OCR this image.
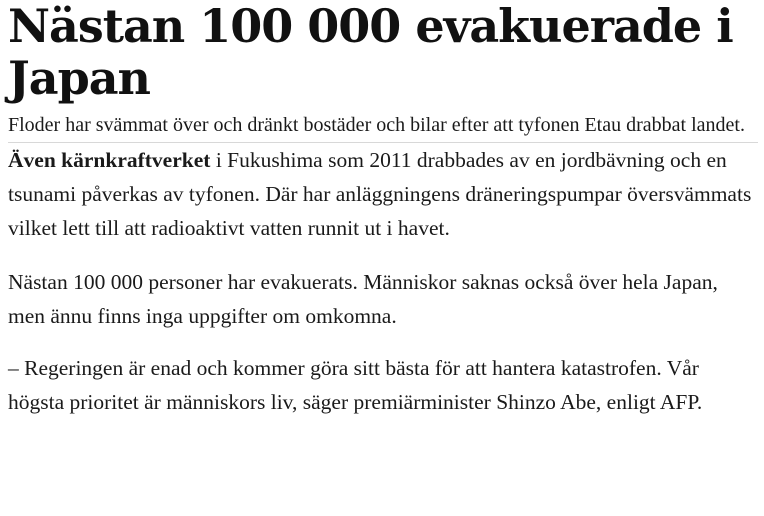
Nästan 100 000 evakuerade i Japan

Floder har svämmat över och dränkt bostäder och bilar efter att tyfonen Etau drabbat landet.

Även kärnkraftverket i Fukushima som 2011 drabbades av en jordbävning och en tsunami påverkas av tyfonen. Där har anläggningens dräneringspumpar översvämmats vilket lett till att radioaktivt vatten runnit ut i havet.

Nästan 100 000 personer har evakuerats. Människor saknas också över hela Japan, men ännu finns inga uppgifter om omkomna.

– Regeringen är enad och kommer göra sitt bästa för att hantera katastrofen. Vår högsta prioritet är människors liv, säger premiärminister Shinzo Abe, enligt AFP.
